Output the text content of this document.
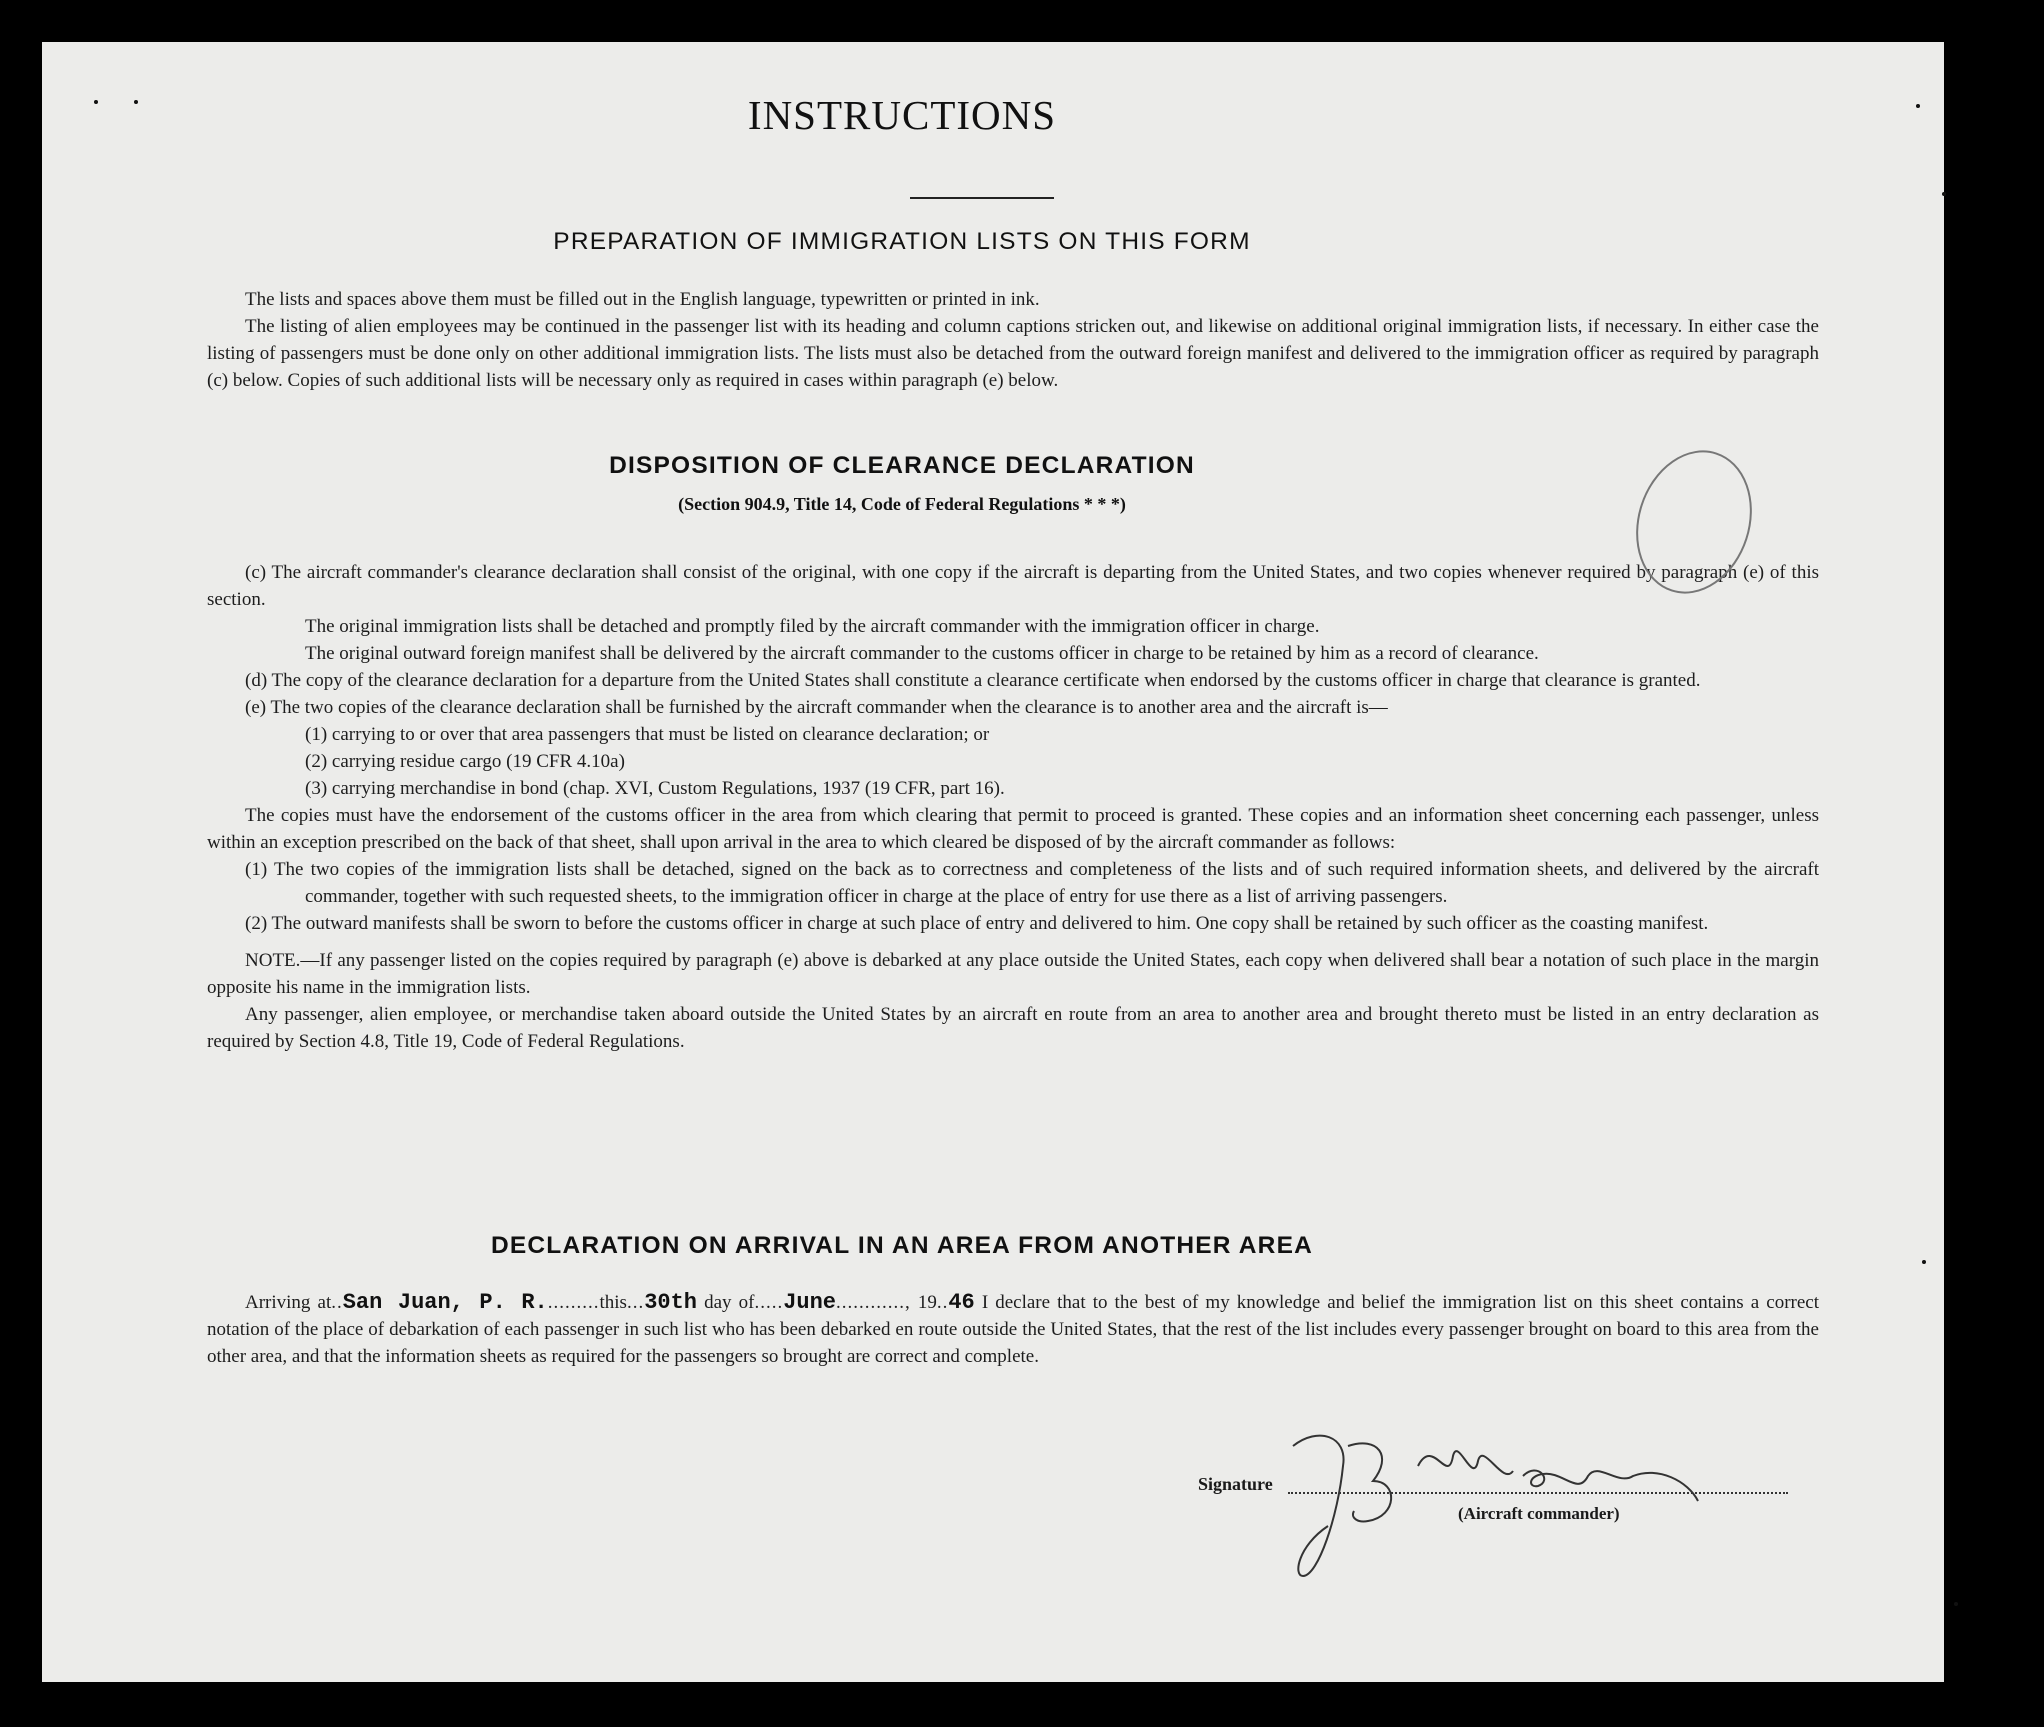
INSTRUCTIONS
PREPARATION OF IMMIGRATION LISTS ON THIS FORM

The lists and spaces above them must be filled out in the English language, typewritten or printed in ink.

The listing of alien employees may be continued in the passenger list with its heading and column captions stricken out, and likewise on additional original immigration lists, if necessary. In either case the listing of passengers must be done only on other additional immigration lists. The lists must also be detached from the outward foreign manifest and delivered to the immigration officer as required by paragraph (c) below. Copies of such additional lists will be necessary only as required in cases within paragraph (e) below.

DISPOSITION OF CLEARANCE DECLARATION
(Section 904.9, Title 14, Code of Federal Regulations * * *)

(c) The aircraft commander's clearance declaration shall consist of the original, with one copy if the aircraft is departing from the United States, and two copies whenever required by paragraph (e) of this section.

The original immigration lists shall be detached and promptly filed by the aircraft commander with the immigration officer in charge.

The original outward foreign manifest shall be delivered by the aircraft commander to the customs officer in charge to be retained by him as a record of clearance.

(d) The copy of the clearance declaration for a departure from the United States shall constitute a clearance certificate when endorsed by the customs officer in charge that clearance is granted.

(e) The two copies of the clearance declaration shall be furnished by the aircraft commander when the clearance is to another area and the aircraft is—

(1) carrying to or over that area passengers that must be listed on clearance declaration; or

(2) carrying residue cargo (19 CFR 4.10a)

(3) carrying merchandise in bond (chap. XVI, Custom Regulations, 1937 (19 CFR, part 16).

The copies must have the endorsement of the customs officer in the area from which clearing that permit to proceed is granted. These copies and an information sheet concerning each passenger, unless within an exception prescribed on the back of that sheet, shall upon arrival in the area to which cleared be disposed of by the aircraft commander as follows:

(1) The two copies of the immigration lists shall be detached, signed on the back as to correctness and completeness of the lists and of such required information sheets, and delivered by the aircraft commander, together with such requested sheets, to the immigration officer in charge at the place of entry for use there as a list of arriving passengers.

(2) The outward manifests shall be sworn to before the customs officer in charge at such place of entry and delivered to him. One copy shall be retained by such officer as the coasting manifest.

NOTE.—If any passenger listed on the copies required by paragraph (e) above is debarked at any place outside the United States, each copy when delivered shall bear a notation of such place in the margin opposite his name in the immigration lists.

Any passenger, alien employee, or merchandise taken aboard outside the United States by an aircraft en route from an area to another area and brought thereto must be listed in an entry declaration as required by Section 4.8, Title 19, Code of Federal Regulations.

DECLARATION ON ARRIVAL IN AN AREA FROM ANOTHER AREA

Arriving at..San Juan, P. R..........this...30th day of.....June............, 19..46 I declare that to the best of my knowledge and belief the immigration list on this sheet contains a correct notation of the place of debarkation of each passenger in such list who has been debarked en route outside the United States, that the rest of the list includes every passenger brought on board to this area from the other area, and that the information sheets as required for the passengers so brought are correct and complete.

Signature
(Aircraft commander)
